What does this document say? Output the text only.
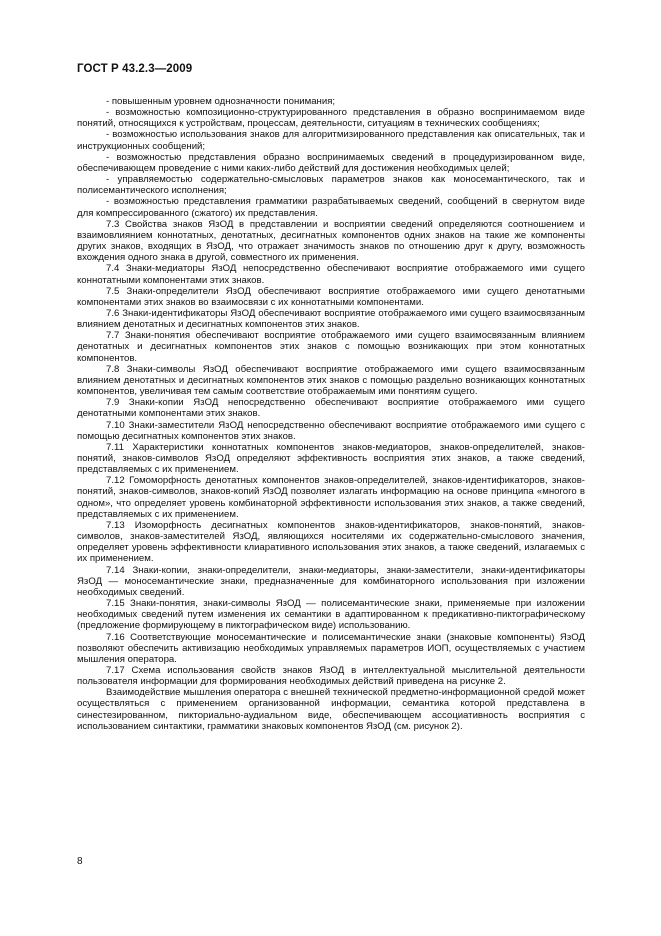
ГОСТ Р 43.2.3—2009

- повышенным уровнем однозначности понимания;

- возможностью композиционно-структурированного представления в образно воспринимаемом виде понятий, относящихся к устройствам, процессам, деятельности, ситуациям в технических сообщениях;

- возможностью использования знаков для алгоритмизированного представления как описательных, так и инструкционных сообщений;

- возможностью представления образно воспринимаемых сведений в процедуризированном виде, обеспечивающем проведение с ними каких-либо действий для достижения необходимых целей;

- управляемостью содержательно-смысловых параметров знаков как моносемантического, так и полисемантического исполнения;

- возможностью представления грамматики разрабатываемых сведений, сообщений в свернутом виде для компрессированного (сжатого) их представления.

7.3 Свойства знаков ЯзОД в представлении и восприятии сведений определяются соотношением и взаимовлиянием коннотатных, денотатных, десигнатных компонентов одних знаков на такие же компоненты других знаков, входящих в ЯзОД, что отражает значимость знаков по отношению друг к другу, возможность вхождения одного знака в другой, совместного их применения.

7.4 Знаки-медиаторы ЯзОД непосредственно обеспечивают восприятие отображаемого ими сущего коннотатными компонентами этих знаков.

7.5 Знаки-определители ЯзОД обеспечивают восприятие отображаемого ими сущего денотатными компонентами этих знаков во взаимосвязи с их коннотатными компонентами.

7.6 Знаки-идентификаторы ЯзОД обеспечивают восприятие отображаемого ими сущего взаимосвязанным влиянием денотатных и десигнатных компонентов этих знаков.

7.7 Знаки-понятия обеспечивают восприятие отображаемого ими сущего взаимосвязанным влиянием денотатных и десигнатных компонентов этих знаков с помощью возникающих при этом коннотатных компонентов.

7.8 Знаки-символы ЯзОД обеспечивают восприятие отображаемого ими сущего взаимосвязанным влиянием денотатных и десигнатных компонентов этих знаков с помощью раздельно возникающих коннотатных компонентов, увеличивая тем самым соответствие отображаемым ими понятиям сущего.

7.9 Знаки-копии ЯзОД непосредственно обеспечивают восприятие отображаемого ими сущего денотатными компонентами этих знаков.

7.10 Знаки-заместители ЯзОД непосредственно обеспечивают восприятие отображаемого ими сущего с помощью десигнатных компонентов этих знаков.

7.11 Характеристики коннотатных компонентов знаков-медиаторов, знаков-определителей, знаков-понятий, знаков-символов ЯзОД определяют эффективность восприятия этих знаков, а также сведений, представляемых с их применением.

7.12 Гомоморфность денотатных компонентов знаков-определителей, знаков-идентификаторов, знаков-понятий, знаков-символов, знаков-копий ЯзОД позволяет излагать информацию на основе принципа «многого в одном», что определяет уровень комбинаторной эффективности использования этих знаков, а также сведений, представляемых с их применением.

7.13 Изоморфность десигнатных компонентов знаков-идентификаторов, знаков-понятий, знаков-символов, знаков-заместителей ЯзОД, являющихся носителями их содержательно-смыслового значения, определяет уровень эффективности клиаративного использования этих знаков, а также сведений, излагаемых с их применением.

7.14 Знаки-копии, знаки-определители, знаки-медиаторы, знаки-заместители, знаки-идентификаторы ЯзОД — моносемантические знаки, предназначенные для комбинаторного использования при изложении необходимых сведений.

7.15 Знаки-понятия, знаки-символы ЯзОД — полисемантические знаки, применяемые при изложении необходимых сведений путем изменения их семантики в адаптированном к предикативно-пиктографическому (предложение формирующему в пиктографическом виде) использованию.

7.16 Соответствующие моносемантические и полисемантические знаки (знаковые компоненты) ЯзОД позволяют обеспечить активизацию необходимых управляемых параметров ИОП, осуществляемых с участием мышления оператора.

7.17 Схема использования свойств знаков ЯзОД в интеллектуальной мыслительной деятельности пользователя информации для формирования необходимых действий приведена на рисунке 2.

Взаимодействие мышления оператора с внешней технической предметно-информационной средой может осуществляться с применением организованной информации, семантика которой представлена в синестезированном, пикториально-аудиальном виде, обеспечивающем ассоциативность восприятия с использованием синтактики, грамматики знаковых компонентов ЯзОД (см. рисунок 2).

8
